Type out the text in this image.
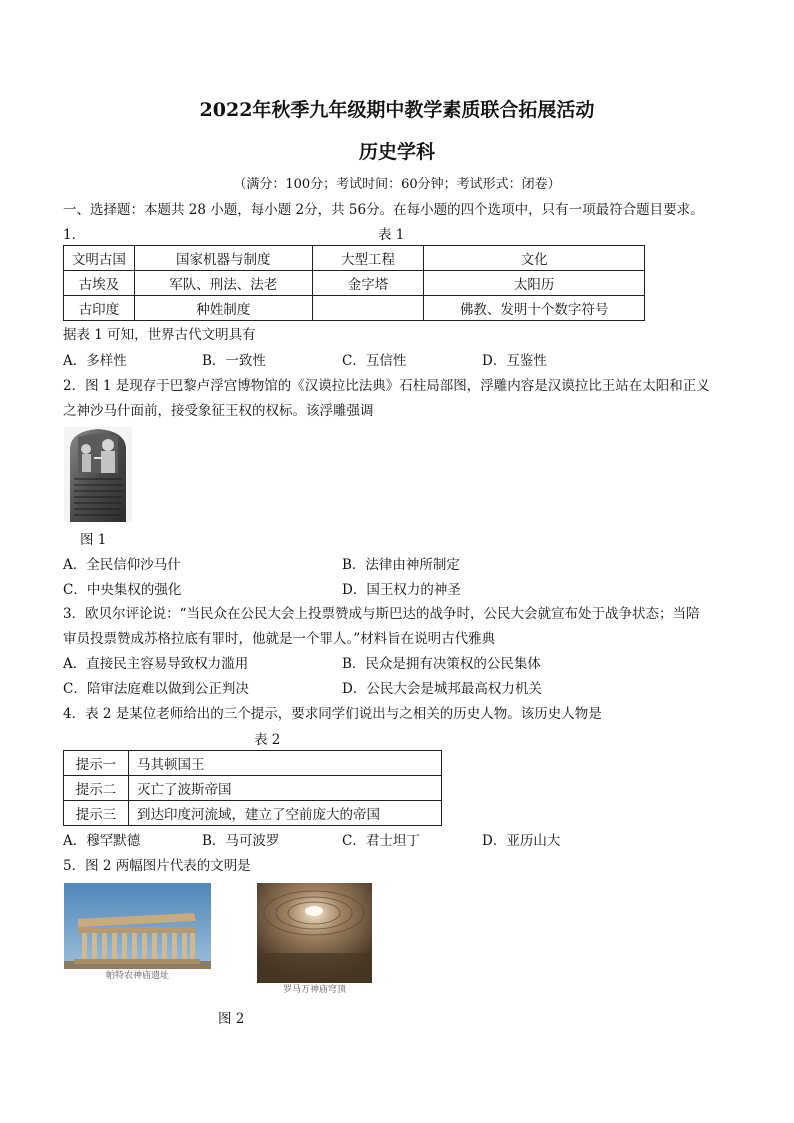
2022年秋季九年级期中教学素质联合拓展活动
历史学科
（满分：100分；考试时间：60分钟；考试形式：闭卷）
一、选择题：本题共 28 小题，每小题 2分，共 56分。在每小题的四个选项中，只有一项最符合题目要求。
1．	表 1
文明古国	国家机器与制度	大型工程	文化
古埃及	军队、刑法、法老	金字塔	太阳历
古印度	种姓制度		佛教、发明十个数字符号
据表 1 可知，世界古代文明具有
A．多样性	B．一致性	C．互信性	D．互鉴性
2．图 1 是现存于巴黎卢浮宫博物馆的《汉谟拉比法典》石柱局部图，浮雕内容是汉谟拉比王站在太阳和正义
之神沙马什面前，接受象征王权的权标。该浮雕强调
图 1
A．全民信仰沙马什	B．法律由神所制定
C．中央集权的强化	D．国王权力的神圣
3．欧贝尔评论说：“当民众在公民大会上投票赞成与斯巴达的战争时，公民大会就宣布处于战争状态；当陪
审员投票赞成苏格拉底有罪时，他就是一个罪人。”材料旨在说明古代雅典
A．直接民主容易导致权力滥用	B．民众是拥有决策权的公民集体
C．陪审法庭难以做到公正判决	D．公民大会是城邦最高权力机关
4．表 2 是某位老师给出的三个提示，要求同学们说出与之相关的历史人物。该历史人物是
表 2
提示一	马其顿国王
提示二	灭亡了波斯帝国
提示三	到达印度河流域，建立了空前庞大的帝国
A．穆罕默德	B．马可波罗	C．君士坦丁	D．亚历山大
5．图 2 两幅图片代表的文明是
帕特农神庙遗址
罗马万神庙穹顶
图 2
